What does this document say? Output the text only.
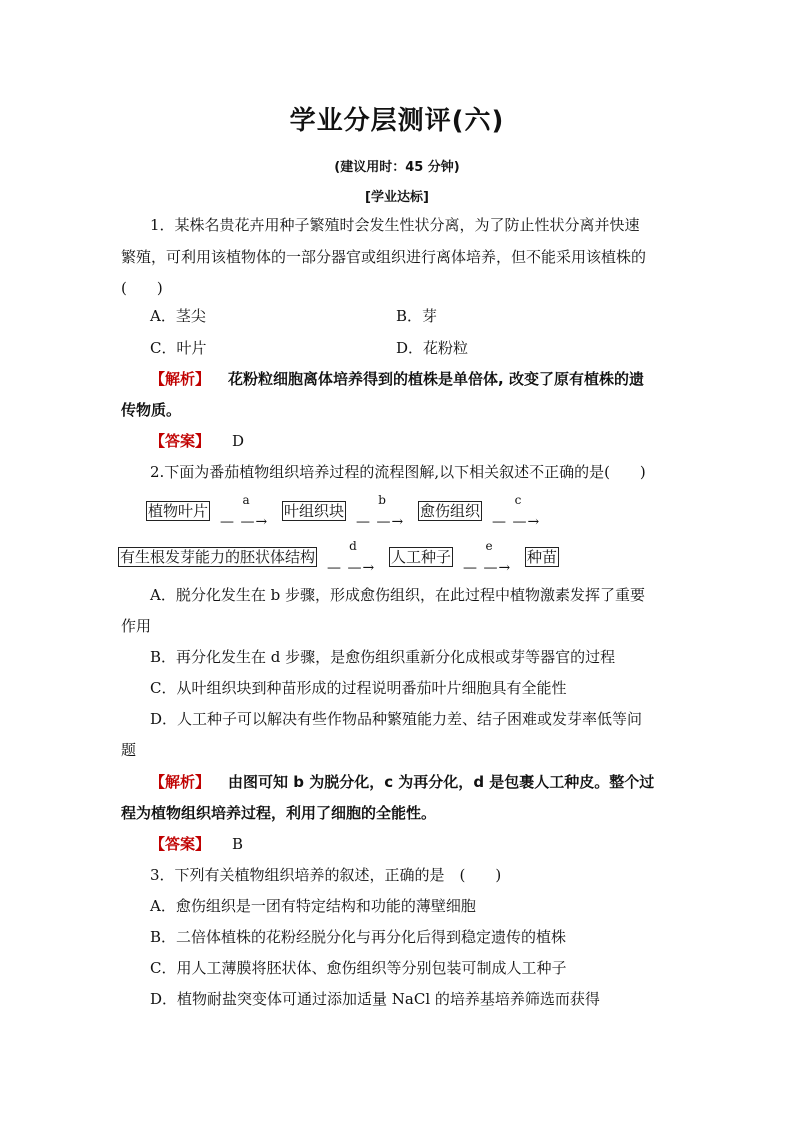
学业分层测评(六)
(建议用时：45 分钟)
[学业达标]
1．某株名贵花卉用种子繁殖时会发生性状分离，为了防止性状分离并快速
繁殖，可利用该植物体的一部分器官或组织进行离体培养，但不能采用该植株的
(　　)
A．茎尖	B．芽
C．叶片	D．花粉粒
【解析】 花粉粒细胞离体培养得到的植株是单倍体, 改变了原有植株的遗
传物质。
【答案】 D
2.下面为番茄植物组织培养过程的流程图解,以下相关叙述不正确的是(　　)
植物叶片
a
— —→
叶组织块
b
— —→
愈伤组织
c
— —→
有生根发芽能力的胚状体结构
d
— —→
人工种子
e
— —→
种苗
A．脱分化发生在 b 步骤，形成愈伤组织，在此过程中植物激素发挥了重要
作用
B．再分化发生在 d 步骤，是愈伤组织重新分化成根或芽等器官的过程
C．从叶组织块到种苗形成的过程说明番茄叶片细胞具有全能性
D．人工种子可以解决有些作物品种繁殖能力差、结子困难或发芽率低等问
题
【解析】 由图可知 b 为脱分化，c 为再分化，d 是包裹人工种皮。整个过
程为植物组织培养过程，利用了细胞的全能性。
【答案】 B
3．下列有关植物组织培养的叙述，正确的是　(　　)
A．愈伤组织是一团有特定结构和功能的薄壁细胞
B．二倍体植株的花粉经脱分化与再分化后得到稳定遗传的植株
C．用人工薄膜将胚状体、愈伤组织等分别包装可制成人工种子
D．植物耐盐突变体可通过添加适量 NaCl 的培养基培养筛选而获得
